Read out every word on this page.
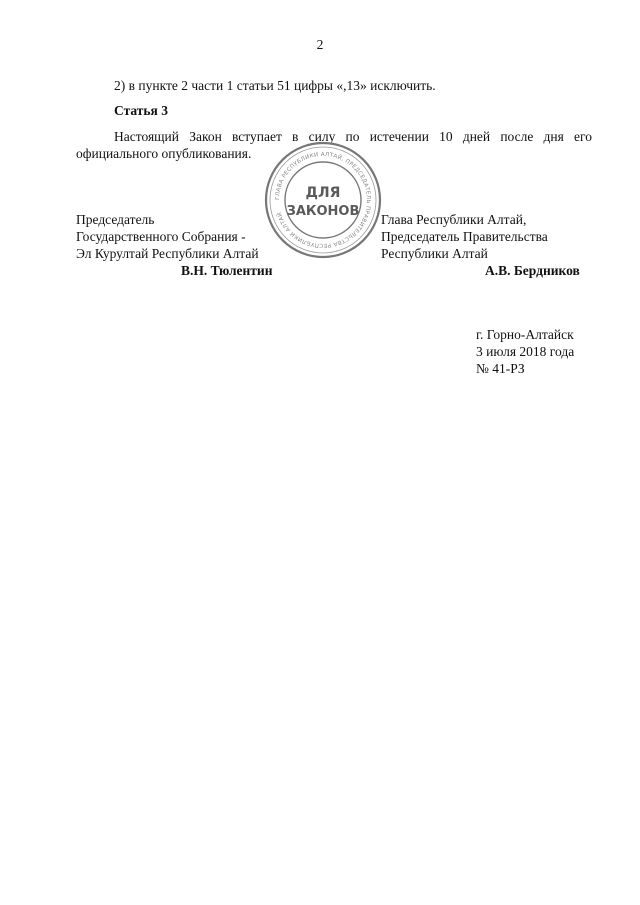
2
2) в пункте 2 части 1 статьи 51 цифры «,13» исключить.
Статья 3
Настоящий Закон вступает в силу по истечении 10 дней после дня его
официального опубликования.
ГЛАВА РЕСПУБЛИКИ АЛТАЙ, ПРЕДСЕДАТЕЛЬ ПРАВИТЕЛЬСТВА РЕСПУБЛИКИ АЛТАЙ
ДЛЯ
ЗАКОНОВ
Председатель
Государственного Собрания -
Эл Курултай Республики Алтай
В.Н. Тюлентин
Глава Республики Алтай,
Председатель Правительства
Республики Алтай
А.В. Бердников
г. Горно-Алтайск
3 июля 2018 года
№ 41-РЗ
